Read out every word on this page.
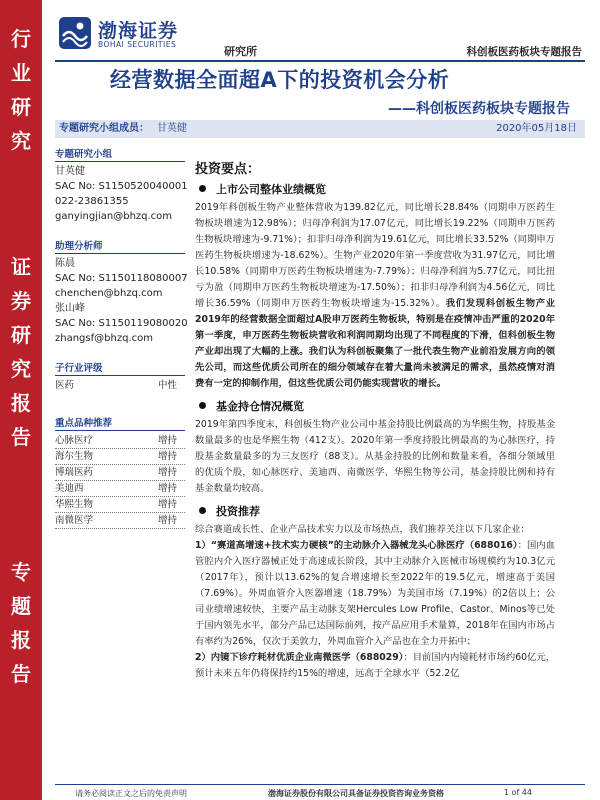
行
业
研
究
证
券
研
究
报
告
专
题
报
告
渤海证券
BOHAI SECURITIES
研究所	科创板医药板块专题报告
经营数据全面超A下的投资机会分析
——科创板医药板块专题报告
专题研究小组成员： 甘英健	2020年05月18日
专题研究小组
甘英健
SAC No: S1150520040001
022-23861355
ganyingjian@bhzq.com
助理分析师
陈晨
SAC No: S1150118080007
chenchen@bhzq.com
张山峰
SAC No: S1150119080020
zhangsf@bhzq.com
子行业评级
医药	中性
重点品种推荐
心脉医疗	增持
海尔生物	增持
博瑞医药	增持
美迪西	增持
华熙生物	增持
南微医学	增持
投资要点：
上市公司整体业绩概览

2019年科创板生物产业整体营收为139.82亿元，同比增长28.84%（同期申万医药生物板块增速为12.98%）；归母净利润为17.07亿元，同比增长19.22%（同期申万医药生物板块增速为-9.71%）；扣非归母净利润为19.61亿元，同比增长33.52%（同期申万医药生物板块增速为-18.62%）。生物产业2020年第一季度营收为31.97亿元，同比增长10.58%（同期申万医药生物板块增速为-7.79%）；归母净利润为5.77亿元，同比扭亏为盈（同期申万医药生物板块增速为-17.50%）；扣非归母净利润为4.56亿元，同比增长36.59%（同期申万医药生物板块增速为-15.32%）。我们发现科创板生物产业2019年的经营数据全面超过A股申万医药生物板块，特别是在疫情冲击严重的2020年第一季度，申万医药生物板块营收和利润同期均出现了不同程度的下滑，但科创板生物产业却出现了大幅的上涨。我们认为科创板聚集了一批代表生物产业前沿发展方向的领先公司，而这些优质公司所在的细分领域存在着大量尚未被满足的需求，虽然疫情对消费有一定的抑制作用，但这些优质公司仍能实现营收的增长。

基金持仓情况概览

2019年第四季度末，科创板生物产业公司中基金持股比例最高的为华熙生物，持股基金数量最多的也是华熙生物（412支）。2020年第一季度持股比例最高的为心脉医疗，持股基金数量最多的为三友医疗（88支）。从基金持股的比例和数量来看，各细分领域里的优质个股，如心脉医疗、美迪西、南微医学、华熙生物等公司，基金持股比例和持有基金数量均较高。

投资推荐

综合赛道成长性、企业产品技术实力以及市场热点，我们推荐关注以下几家企业：

1）“赛道高增速+技术实力硬核”的主动脉介入器械龙头心脉医疗（688016）：国内血管腔内介入医疗器械正处于高速成长阶段，其中主动脉介入医械市场规模约为10.3亿元（2017年），预计以13.62%的复合增速增长至2022年的19.5亿元，增速高于美国（7.69%）。外周血管介入医器增速（18.79%）为美国市场（7.19%）的2倍以上；公司业绩增速较快，主要产品主动脉支架Hercules Low Profile、Castor、Minos等已处于国内领先水平，部分产品已达国际前列，按产品应用手术量算，2018年在国内市场占有率约为26%，仅次于美敦力，外周血管介入产品也在全力开拓中；

2）内镜下诊疗耗材优质企业南微医学（688029）：目前国内内镜耗材市场约60亿元，预计未来五年仍将保持约15%的增速，远高于全球水平（52.2亿

请务必阅读正文之后的免责声明	渤海证券股份有限公司具备证券投资咨询业务资格	1 of 44
